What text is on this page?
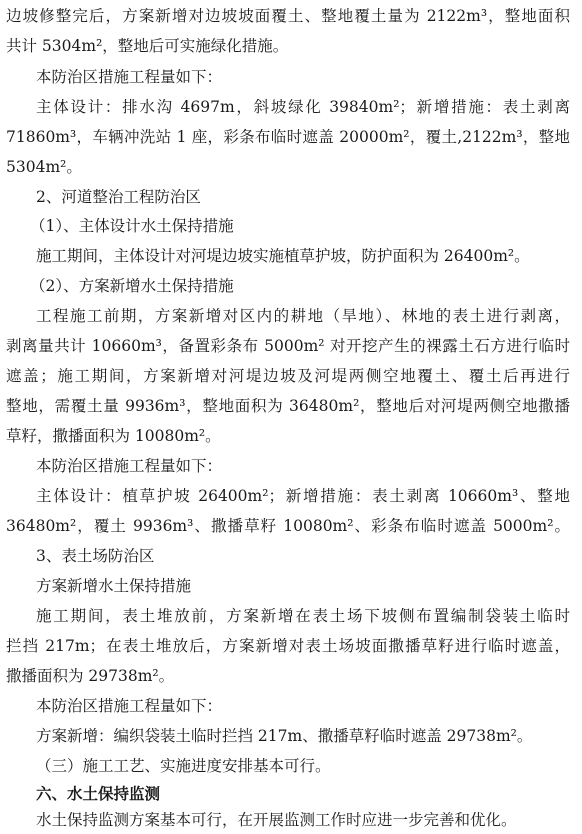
边坡修整完后，方案新增对边坡坡面覆土、整地覆土量为 2122m³，整地面积
共计 5304m²，整地后可实施绿化措施。
本防治区措施工程量如下：
主体设计：排水沟 4697m，斜坡绿化 39840m²；新增措施：表土剥离
71860m³，车辆冲洗站 1 座，彩条布临时遮盖 20000m²，覆土,2122m³，整地
5304m²。
2、河道整治工程防治区
（1）、主体设计水土保持措施
施工期间，主体设计对河堤边坡实施植草护坡，防护面积为 26400m²。
（2）、方案新增水土保持措施
工程施工前期，方案新增对区内的耕地（旱地）、林地的表土进行剥离，
剥离量共计 10660m³，备置彩条布 5000m² 对开挖产生的裸露土石方进行临时
遮盖；施工期间，方案新增对河堤边坡及河堤两侧空地覆土、覆土后再进行
整地，需覆土量 9936m³，整地面积为 36480m²，整地后对河堤两侧空地撒播
草籽，撒播面积为 10080m²。
本防治区措施工程量如下：
主体设计：植草护坡 26400m²；新增措施：表土剥离 10660m³、整地
36480m²，覆土 9936m³、撒播草籽 10080m²、彩条布临时遮盖 5000m²。
3、表土场防治区
方案新增水土保持措施
施工期间，表土堆放前，方案新增在表土场下坡侧布置编制袋装土临时
拦挡 217m；在表土堆放后，方案新增对表土场坡面撒播草籽进行临时遮盖，
撒播面积为 29738m²。
本防治区措施工程量如下：
方案新增：编织袋装土临时拦挡 217m、撒播草籽临时遮盖 29738m²。
（三）施工工艺、实施进度安排基本可行。
六、水土保持监测
水土保持监测方案基本可行，在开展监测工作时应进一步完善和优化。
